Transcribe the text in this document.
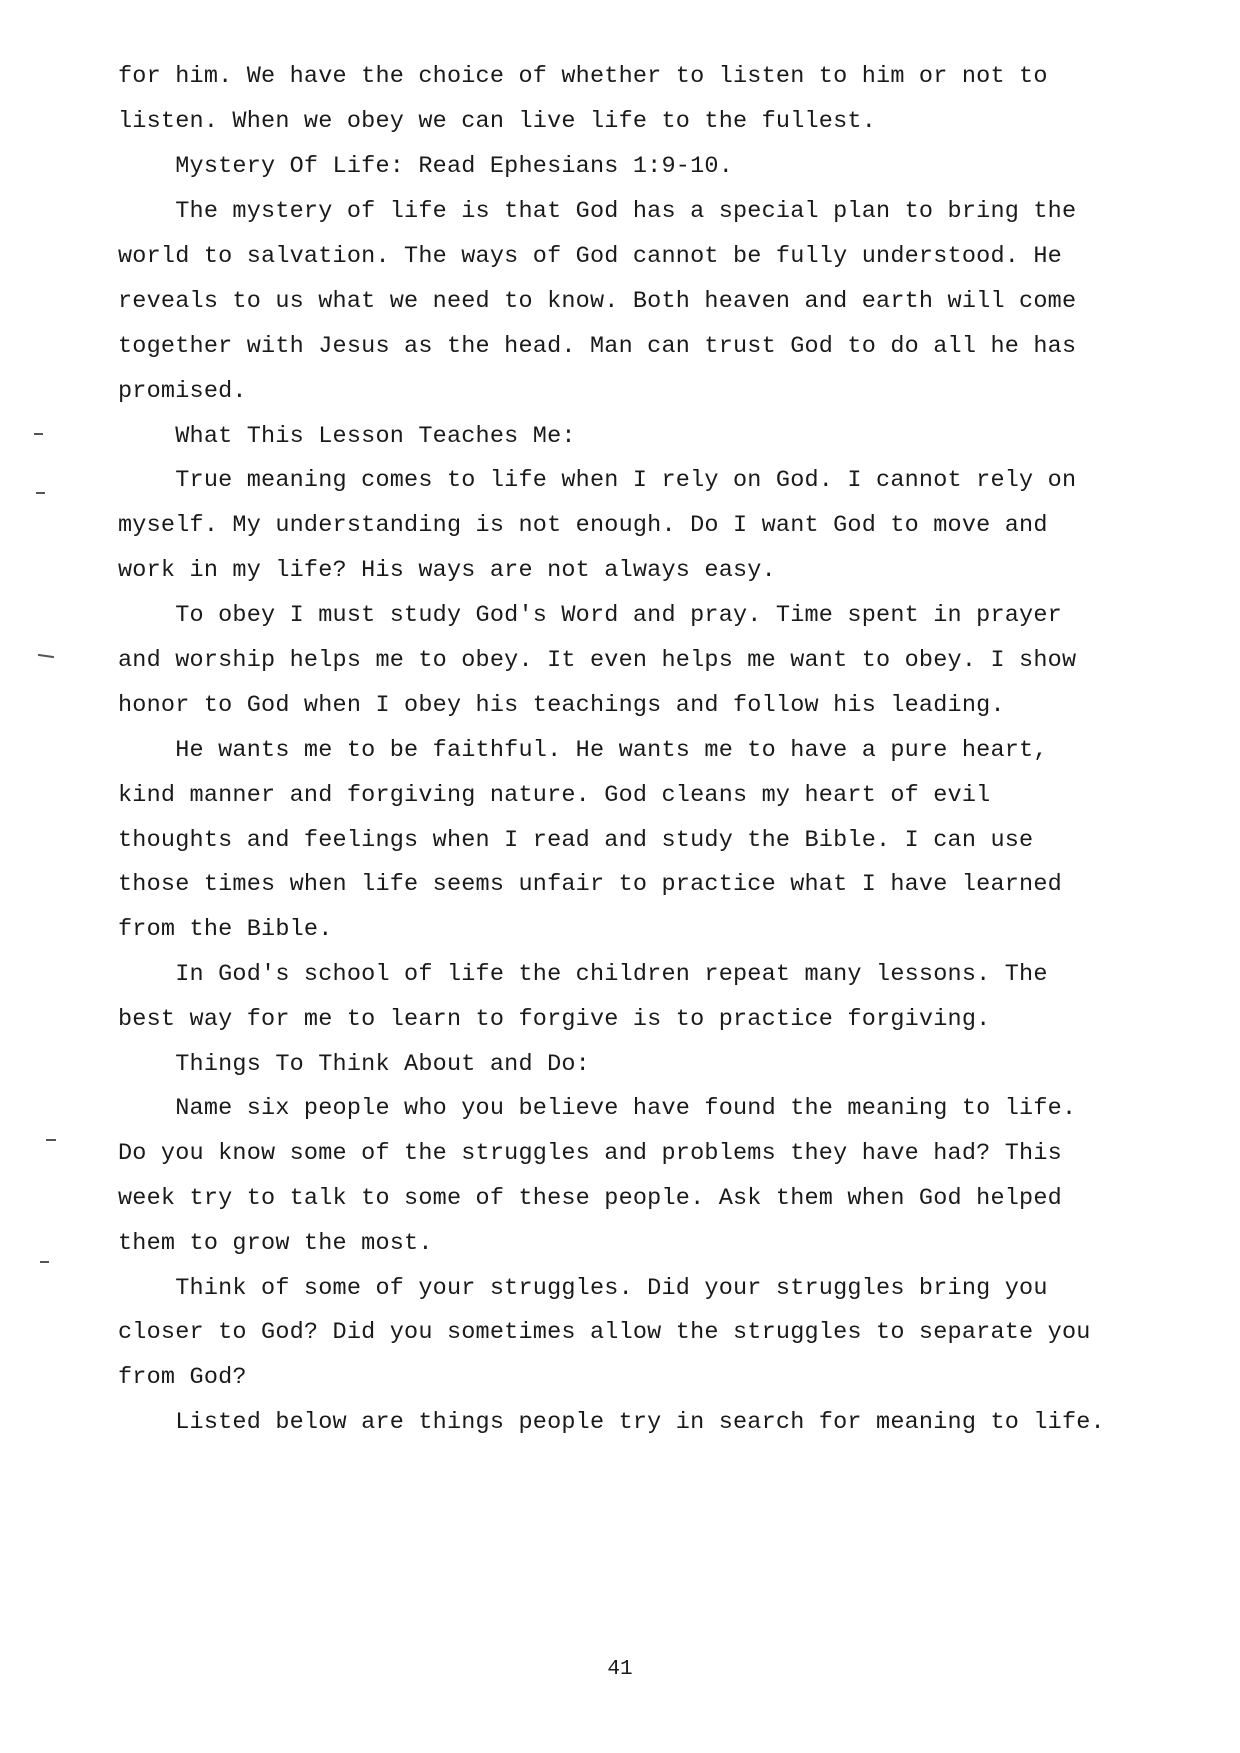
for him. We have the choice of whether to listen to him or not to
listen. When we obey we can live life to the fullest.
Mystery Of Life: Read Ephesians 1:9-10.
The mystery of life is that God has a special plan to bring the
world to salvation. The ways of God cannot be fully understood. He
reveals to us what we need to know. Both heaven and earth will come
together with Jesus as the head. Man can trust God to do all he has
promised.
What This Lesson Teaches Me:
True meaning comes to life when I rely on God. I cannot rely on
myself. My understanding is not enough. Do I want God to move and
work in my life? His ways are not always easy.
To obey I must study God's Word and pray. Time spent in prayer
and worship helps me to obey. It even helps me want to obey. I show
honor to God when I obey his teachings and follow his leading.
He wants me to be faithful. He wants me to have a pure heart,
kind manner and forgiving nature. God cleans my heart of evil
thoughts and feelings when I read and study the Bible. I can use
those times when life seems unfair to practice what I have learned
from the Bible.
In God's school of life the children repeat many lessons. The
best way for me to learn to forgive is to practice forgiving.
Things To Think About and Do:
Name six people who you believe have found the meaning to life.
Do you know some of the struggles and problems they have had? This
week try to talk to some of these people. Ask them when God helped
them to grow the most.
Think of some of your struggles. Did your struggles bring you
closer to God? Did you sometimes allow the struggles to separate you
from God?
Listed below are things people try in search for meaning to life.
41
